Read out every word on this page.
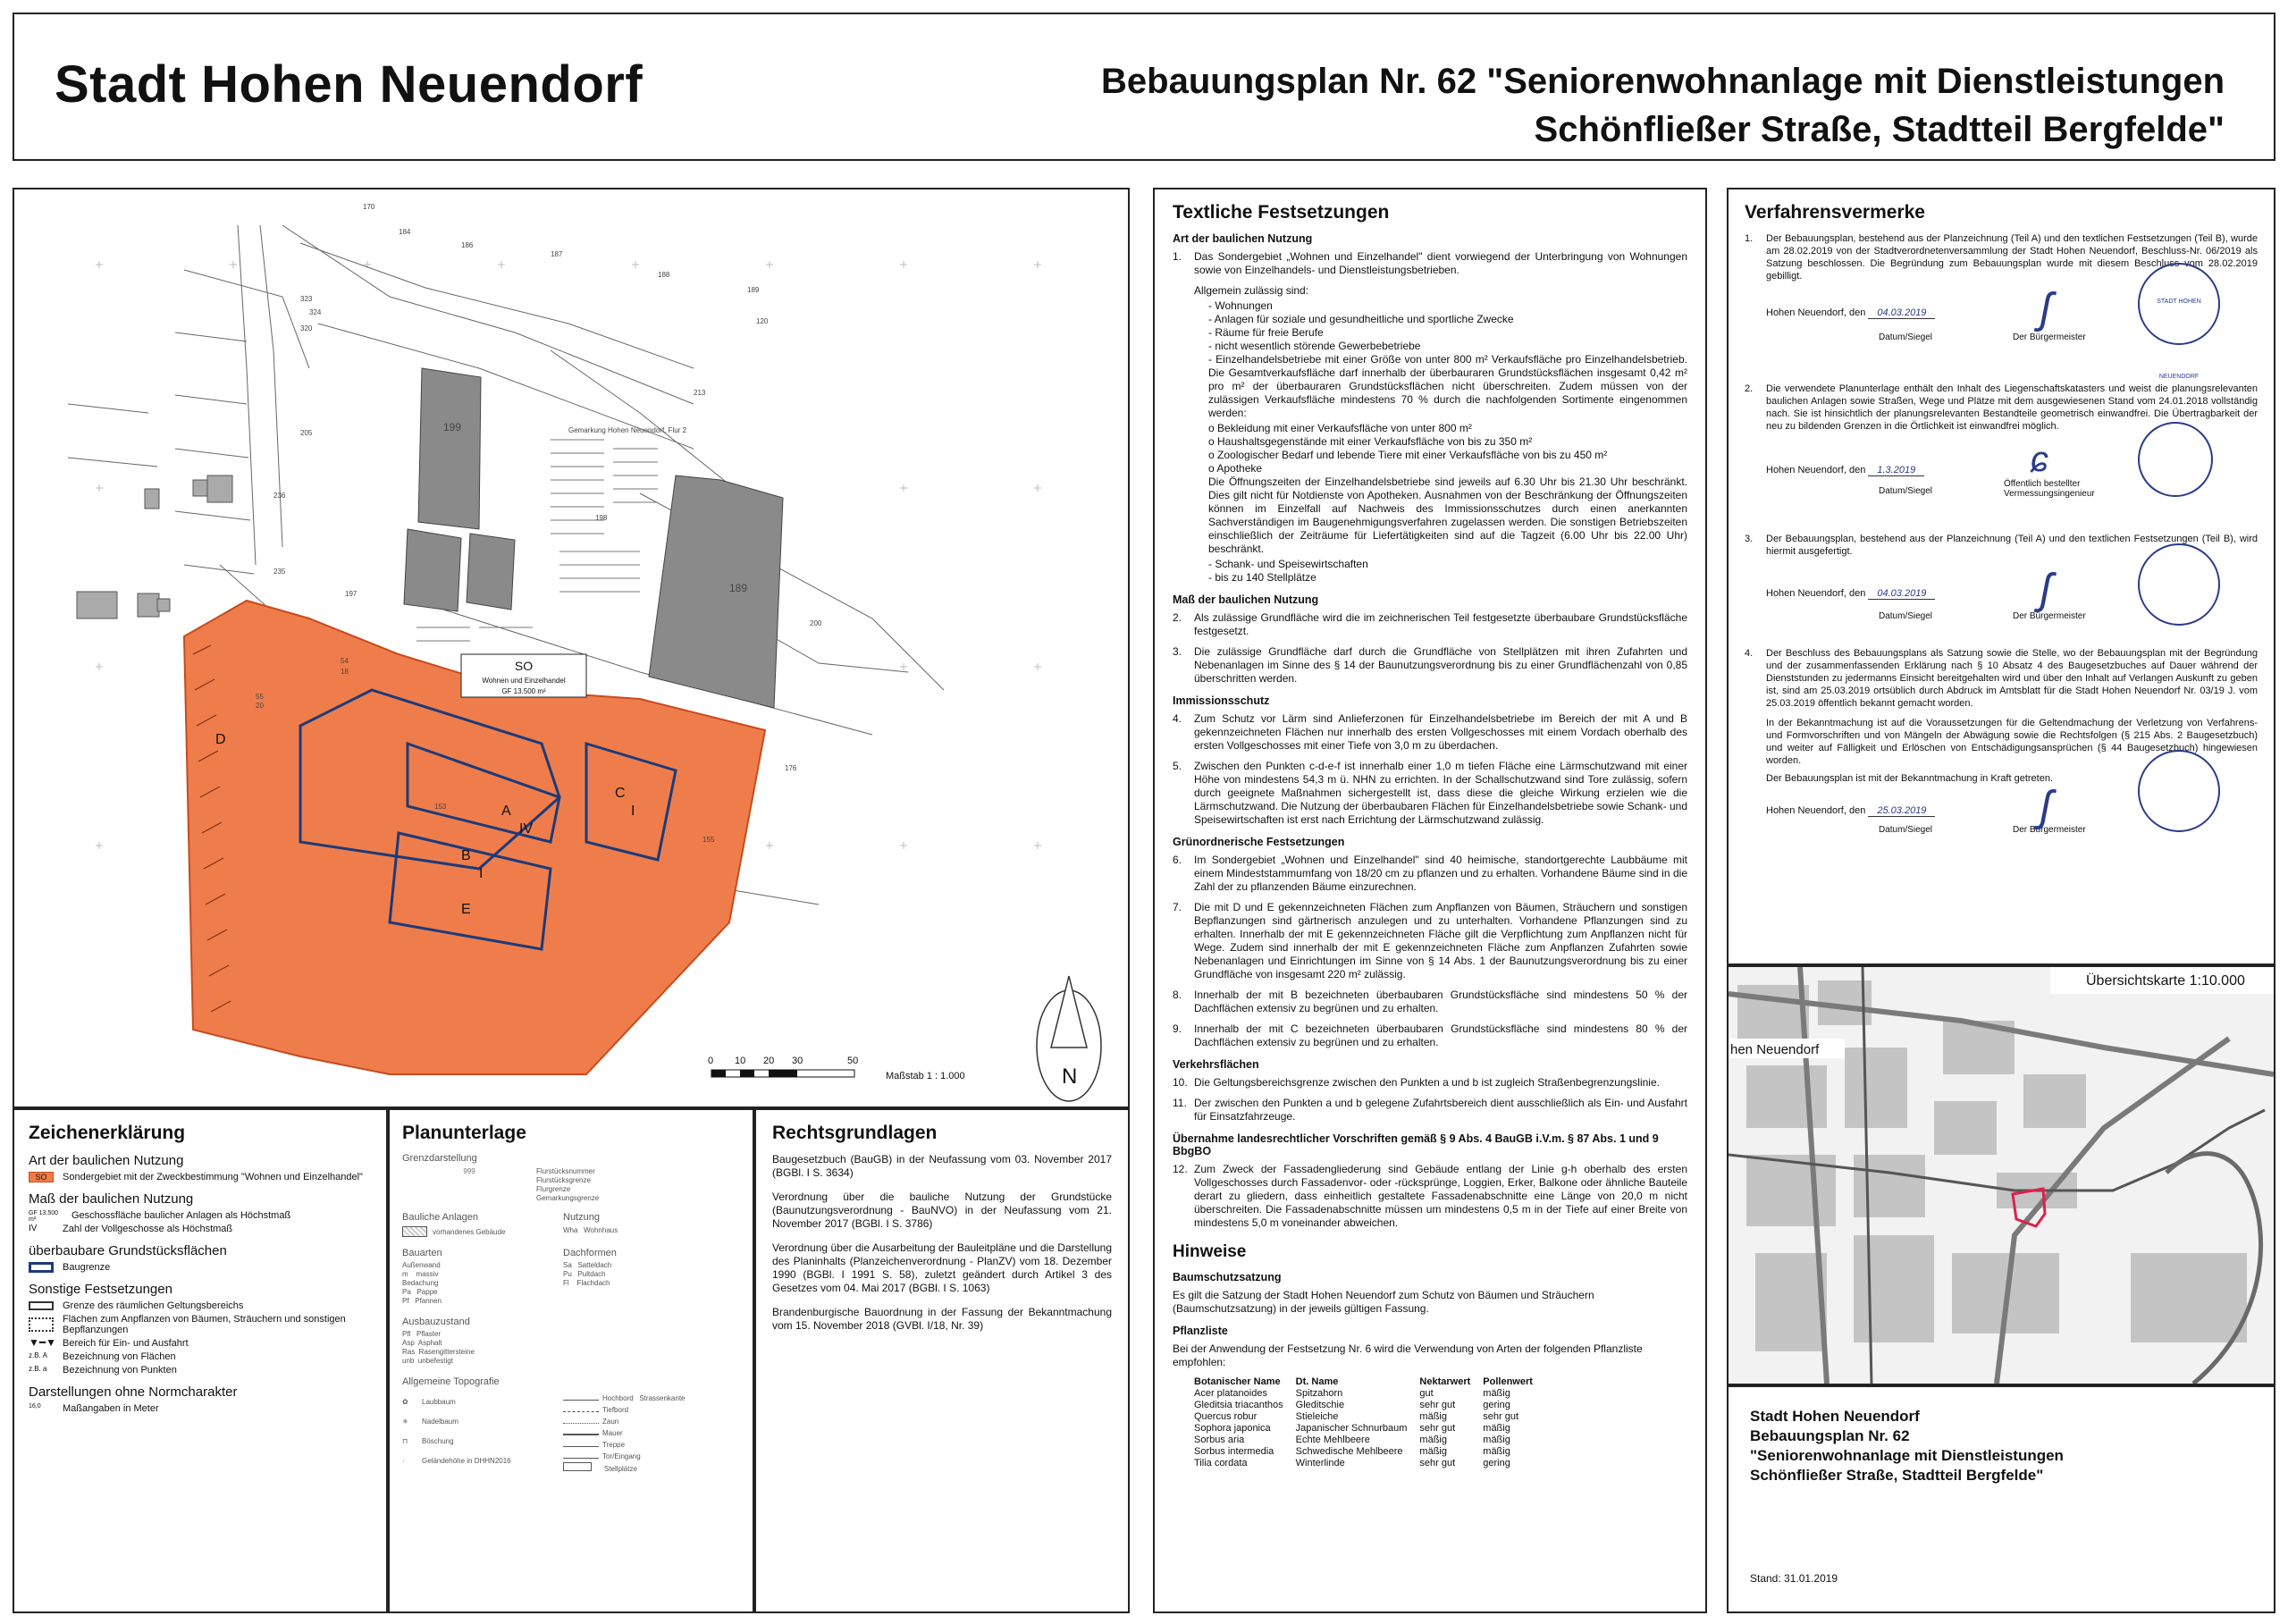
Stadt Hohen Neuendorf	Bebauungsplan Nr. 62 "Seniorenwohnanlage mit Dienstleistungen
Schönfließer Straße, Stadtteil Bergfelde"
SO
Wohnen und Einzelhandel
GF 13.500 m²
A
IV
B
I
C
I
D
E
Gemarkung Hohen Neuendorf, Flur 2
0 10 20 30	50
Maßstab 1 : 1.000	N
170
184
186
187
188
189
120
213
323
324
320
205
236
235
197
199
198
189
200
176
155
153
54
18
55
20
Zeichenerklärung
Art der baulichen Nutzung
SO	Sondergebiet mit der Zweckbestimmung "Wohnen und Einzelhandel"
Maß der baulichen Nutzung
GF 13.500 m²	Geschossfläche baulicher Anlagen als Höchstmaß
IV	Zahl der Vollgeschosse als Höchstmaß
überbaubare Grundstücksflächen
Baugrenze
Sonstige Festsetzungen
Grenze des räumlichen Geltungsbereichs
Flächen zum Anpflanzen von Bäumen, Sträuchern und sonstigen Bepflanzungen
▼━▼ Bereich für Ein- und Ausfahrt
z.B. A	Bezeichnung von Flächen
z.B. a	Bezeichnung von Punkten
Darstellungen ohne Normcharakter
16,0	Maßangaben in Meter
Planunterlage
Grenzdarstellung
999	Flurstücksnummer
Flurstücksgrenze
Flurgrenze
Gemarkungsgrenze
Bauliche Anlagen
vorhandenes Gebäude
Nutzung
Wha Wohnhaus
Bauarten
Außenwand
m    massiv
Bedachung
Pa   Pappe
Pf   Pfannen
Dachformen
Sa   Satteldach
Pu   Pultdach
Fl    Flachdach
Ausbauzustand
Pfl   Pflaster
Asp  Asphalt
Ras  Rasengittersteine
unb  unbefestigt
Allgemeine Topografie
✿ Laubbaum
✳ Nadelbaum
⊓ Böschung
· Geländehöhe in DHHN2016
Hochbord Strassenkante
Tiefbord
Zaun
Mauer
Treppe
Tor/Eingang
Stellplätze
Rechtsgrundlagen
Baugesetzbuch (BauGB) in der Neufassung vom 03. November 2017 (BGBl. I S. 3634)
Verordnung über die bauliche Nutzung der Grundstücke (Baunutzungsverordnung - BauNVO) in der Neufassung vom 21. November 2017 (BGBl. I S. 3786)
Verordnung über die Ausarbeitung der Bauleitpläne und die Darstellung des Planinhalts (Planzeichenverordnung - PlanZV) vom 18. Dezember 1990 (BGBl. I 1991 S. 58), zuletzt geändert durch Artikel 3 des Gesetzes vom 04. Mai 2017 (BGBl. I S. 1063)
Brandenburgische Bauordnung in der Fassung der Bekanntmachung vom 15. November 2018 (GVBl. I/18, Nr. 39)
Textliche Festsetzungen
Art der baulichen Nutzung
1.	Das Sondergebiet „Wohnen und Einzelhandel" dient vorwiegend der Unterbringung von Wohnungen sowie von Einzelhandels- und Dienstleistungsbetrieben.
Allgemein zulässig sind:
- Wohnungen
- Anlagen für soziale und gesundheitliche und sportliche Zwecke
- Räume für freie Berufe
- nicht wesentlich störende Gewerbebetriebe
- Einzelhandelsbetriebe mit einer Größe von unter 800 m² Verkaufsfläche pro Einzelhandelsbetrieb. Die Gesamtverkaufsfläche darf innerhalb der überbauraren Grundstücksflächen insgesamt 0,42 m² pro m² der überbauraren Grundstücksflächen nicht überschreiten. Zudem müssen von der zulässigen Verkaufsfläche mindestens 70 % durch die nachfolgenden Sortimente eingenommen werden:
o Bekleidung mit einer Verkaufsfläche von unter 800 m²
o Haushaltsgegenstände mit einer Verkaufsfläche von bis zu 350 m²
o Zoologischer Bedarf und lebende Tiere mit einer Verkaufsfläche von bis zu 450 m²
o Apotheke
Die Öffnungszeiten der Einzelhandelsbetriebe sind jeweils auf 6.30 Uhr bis 21.30 Uhr beschränkt. Dies gilt nicht für Notdienste von Apotheken. Ausnahmen von der Beschränkung der Öffnungszeiten können im Einzelfall auf Nachweis des Immissionsschutzes durch einen anerkannten Sachverständigen im Baugenehmigungsverfahren zugelassen werden. Die sonstigen Betriebszeiten einschließlich der Zeiträume für Liefertätigkeiten sind auf die Tagzeit (6.00 Uhr bis 22.00 Uhr) beschränkt.
- Schank- und Speisewirtschaften
- bis zu 140 Stellplätze
Maß der baulichen Nutzung
2.	Als zulässige Grundfläche wird die im zeichnerischen Teil festgesetzte überbaubare Grundstücksfläche festgesetzt.
3.	Die zulässige Grundfläche darf durch die Grundfläche von Stellplätzen mit ihren Zufahrten und Nebenanlagen im Sinne des § 14 der Baunutzungsverordnung bis zu einer Grundflächenzahl von 0,85 überschritten werden.
Immissionsschutz
4.	Zum Schutz vor Lärm sind Anlieferzonen für Einzelhandelsbetriebe im Bereich der mit A und B gekennzeichneten Flächen nur innerhalb des ersten Vollgeschosses mit einem Vordach oberhalb des ersten Vollgeschosses mit einer Tiefe von 3,0 m zu überdachen.
5.	Zwischen den Punkten c-d-e-f ist innerhalb einer 1,0 m tiefen Fläche eine Lärmschutzwand mit einer Höhe von mindestens 54,3 m ü. NHN zu errichten. In der Schallschutzwand sind Tore zulässig, sofern durch geeignete Maßnahmen sichergestellt ist, dass diese die gleiche Wirkung erzielen wie die Lärmschutzwand. Die Nutzung der überbaubaren Flächen für Einzelhandelsbetriebe sowie Schank- und Speisewirtschaften ist erst nach Errichtung der Lärmschutzwand zulässig.
Grünordnerische Festsetzungen
6.	Im Sondergebiet „Wohnen und Einzelhandel" sind 40 heimische, standortgerechte Laubbäume mit einem Mindeststammumfang von 18/20 cm zu pflanzen und zu erhalten. Vorhandene Bäume sind in die Zahl der zu pflanzenden Bäume einzurechnen.
7.	Die mit D und E gekennzeichneten Flächen zum Anpflanzen von Bäumen, Sträuchern und sonstigen Bepflanzungen sind gärtnerisch anzulegen und zu unterhalten. Vorhandene Pflanzungen sind zu erhalten. Innerhalb der mit E gekennzeichneten Fläche gilt die Verpflichtung zum Anpflanzen nicht für Wege. Zudem sind innerhalb der mit E gekennzeichneten Fläche zum Anpflanzen Zufahrten sowie Nebenanlagen und Einrichtungen im Sinne von § 14 Abs. 1 der Baunutzungsverordnung bis zu einer Grundfläche von insgesamt 220 m² zulässig.
8.	Innerhalb der mit B bezeichneten überbaubaren Grundstücksfläche sind mindestens 50 % der Dachflächen extensiv zu begrünen und zu erhalten.
9.	Innerhalb der mit C bezeichneten überbaubaren Grundstücksfläche sind mindestens 80 % der Dachflächen extensiv zu begrünen und zu erhalten.
Verkehrsflächen
10. Die Geltungsbereichsgrenze zwischen den Punkten a und b ist zugleich Straßenbegrenzungslinie.
11. Der zwischen den Punkten a und b gelegene Zufahrtsbereich dient ausschließlich als Ein- und Ausfahrt für Einsatzfahrzeuge.
Übernahme landesrechtlicher Vorschriften gemäß § 9 Abs. 4 BauGB i.V.m. § 87 Abs. 1 und 9 BbgBO
12. Zum Zweck der Fassadengliederung sind Gebäude entlang der Linie g-h oberhalb des ersten Vollgeschosses durch Fassadenvor- oder -rücksprünge, Loggien, Erker, Balkone oder ähnliche Bauteile derart zu gliedern, dass einheitlich gestaltete Fassadenabschnitte eine Länge von 20,0 m nicht überschreiten. Die Fassadenabschnitte müssen um mindestens 0,5 m in der Tiefe auf einer Breite von mindestens 5,0 m voneinander abweichen.
Hinweise
Baumschutzsatzung
Es gilt die Satzung der Stadt Hohen Neuendorf zum Schutz von Bäumen und Sträuchern (Baumschutzsatzung) in der jeweils gültigen Fassung.
Pflanzliste
Bei der Anwendung der Festsetzung Nr. 6 wird die Verwendung von Arten der folgenden Pflanzliste empfohlen:
Botanischer Name	Dt. Name	Nektarwert	Pollenwert
Acer platanoides	Spitzahorn	gut	mäßig
Gleditsia triacanthos	Gleditschie	sehr gut	gering
Quercus robur	Stieleiche	mäßig	sehr gut
Sophora japonica	Japanischer Schnurbaum	sehr gut	mäßig
Sorbus aria	Echte Mehlbeere	mäßig	mäßig
Sorbus intermedia	Schwedische Mehlbeere	mäßig	mäßig
Tilia cordata	Winterlinde	sehr gut	gering
Verfahrensvermerke
1.	Der Bebauungsplan, bestehend aus der Planzeichnung (Teil A) und den textlichen Festsetzungen (Teil B), wurde am 28.02.2019 von der Stadtverordnetenversammlung der Stadt Hohen Neuendorf, Beschluss-Nr. 06/2019 als Satzung beschlossen. Die Begründung zum Bebauungsplan wurde mit diesem Beschluss vom 28.02.2019 gebilligt.
Hohen Neuendorf, den 04.03.2019
Datum/Siegel	Der Bürgermeister
ʃ	STADT HOHEN NEUENDORF
2.	Die verwendete Planunterlage enthält den Inhalt des Liegenschaftskatasters und weist die planungsrelevanten baulichen Anlagen sowie Straßen, Wege und Plätze mit dem ausgewiesenen Stand vom 24.01.2018 vollständig nach. Sie ist hinsichtlich der planungsrelevanten Bestandteile geometrisch einwandfrei. Die Übertragbarkeit der neu zu bildenden Grenzen in die Örtlichkeit ist einwandfrei möglich.
Hohen Neuendorf, den 1.3.2019
Datum/Siegel
Öffentlich bestellter Vermessungsingenieur
ɕ
3.	Der Bebauungsplan, bestehend aus der Planzeichnung (Teil A) und den textlichen Festsetzungen (Teil B), wird hiermit ausgefertigt.
Hohen Neuendorf, den 04.03.2019
Datum/Siegel	Der Bürgermeister
ʃ
4.	Der Beschluss des Bebauungsplans als Satzung sowie die Stelle, wo der Bebauungsplan mit der Begründung und der zusammenfassenden Erklärung nach § 10 Absatz 4 des Baugesetzbuches auf Dauer während der Dienststunden zu jedermanns Einsicht bereitgehalten wird und über den Inhalt auf Verlangen Auskunft zu geben ist, sind am 25.03.2019 ortsüblich durch Abdruck im Amtsblatt für die Stadt Hohen Neuendorf Nr. 03/19 J. vom 25.03.2019 öffentlich bekannt gemacht worden.
In der Bekanntmachung ist auf die Voraussetzungen für die Geltendmachung der Verletzung von Verfahrens- und Formvorschriften und von Mängeln der Abwägung sowie die Rechtsfolgen (§ 215 Abs. 2 Baugesetzbuch) und weiter auf Fälligkeit und Erlöschen von Entschädigungsansprüchen (§ 44 Baugesetzbuch) hingewiesen worden.
Der Bebauungsplan ist mit der Bekanntmachung in Kraft getreten.
Hohen Neuendorf, den 25.03.2019
Datum/Siegel	Der Bürgermeister
ʃ
Übersichtskarte 1:10.000
hen Neuendorf
Stadt Hohen Neuendorf
Bebauungsplan Nr. 62
"Seniorenwohnanlage mit Dienstleistungen
Schönfließer Straße, Stadtteil Bergfelde"
Stand: 31.01.2019
